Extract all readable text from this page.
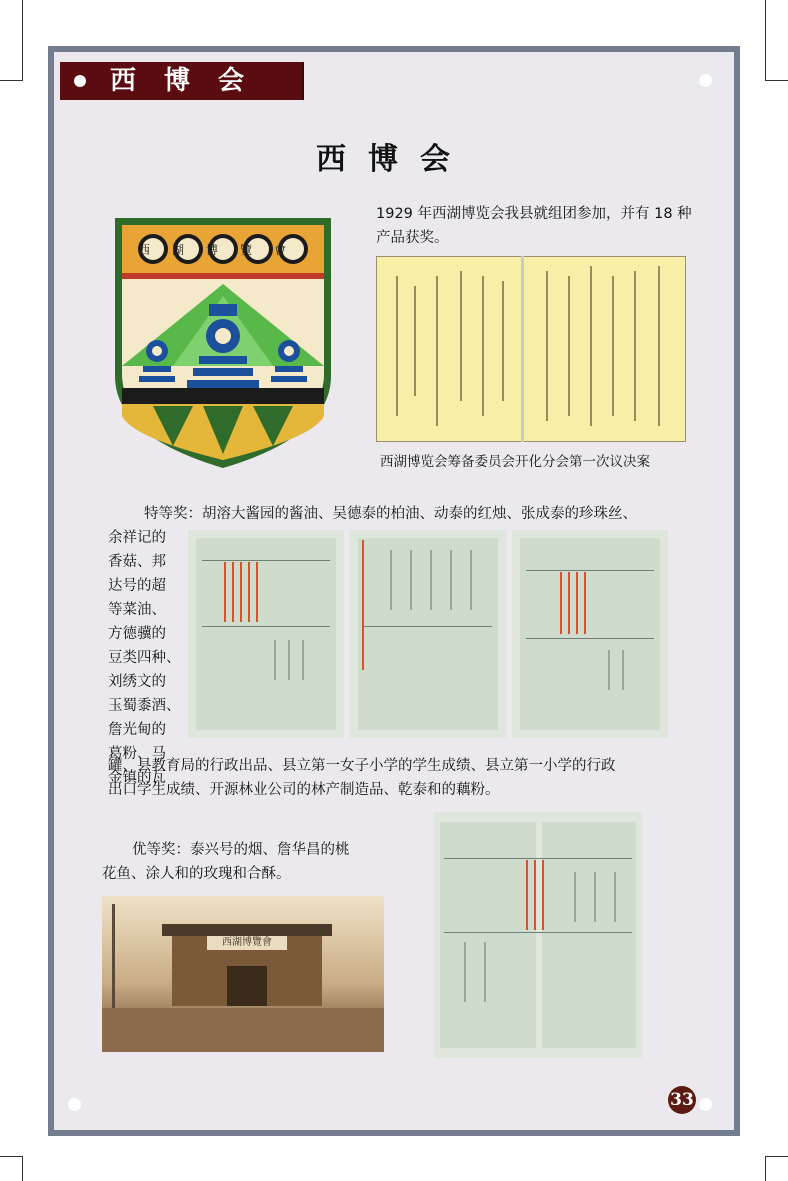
西博会
西博会
西湖博覽會
1929 年西湖博览会我县就组团参加，并有 18 种产品获奖。
西湖博览会筹备委员会开化分会第一次议决案
特等奖：胡溶大酱园的酱油、吴德泰的柏油、动泰的红烛、张成泰的珍珠丝、
余祥记的
香菇、邦
达号的超
等菜油、
方德骥的
豆类四种、
刘绣文的
玉蜀黍酒、
詹光甸的
葛粉、马
金镇的瓦
罐、县教育局的行政出品、县立第一女子小学的学生成绩、县立第一小学的行政
出口学生成绩、开源林业公司的林产制造品、乾泰和的藕粉。
优等奖：泰兴号的烟、詹华昌的桃
花鱼、涂人和的玫瑰和合酥。
西湖博覽會
33
